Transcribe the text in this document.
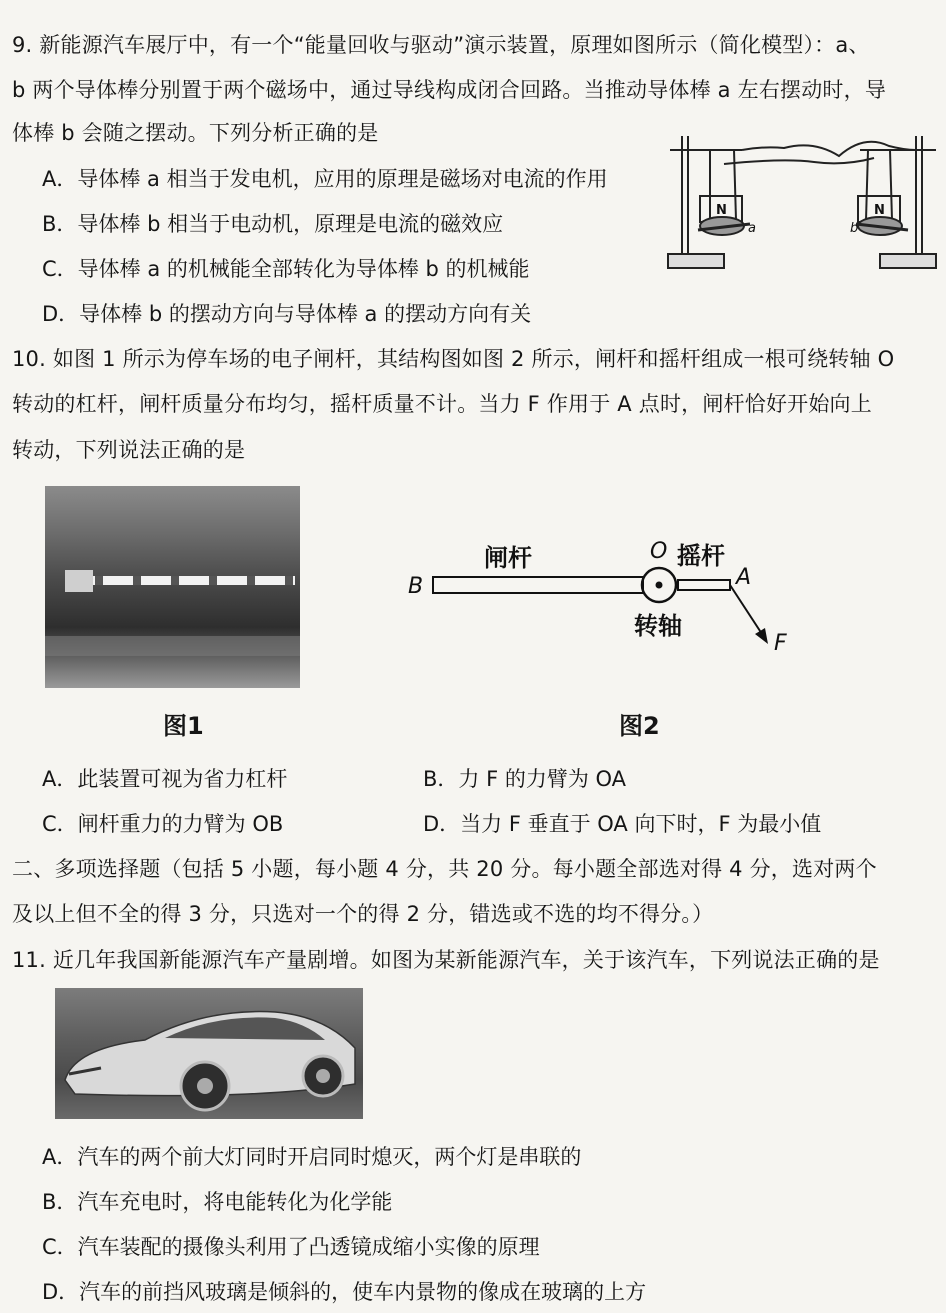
9. 新能源汽车展厅中，有一个“能量回收与驱动”演示装置，原理如图所示（简化模型）：a、
b 两个导体棒分别置于两个磁场中，通过导线构成闭合回路。当推动导体棒 a 左右摆动时，导
体棒 b 会随之摆动。下列分析正确的是
A．导体棒 a 相当于发电机，应用的原理是磁场对电流的作用
B．导体棒 b 相当于电动机，原理是电流的磁效应
C．导体棒 a 的机械能全部转化为导体棒 b 的机械能
D．导体棒 b 的摆动方向与导体棒 a 的摆动方向有关
N	N
a	b
10. 如图 1 所示为停车场的电子闸杆，其结构图如图 2 所示，闸杆和摇杆组成一根可绕转轴 O
转动的杠杆，闸杆质量分布均匀，摇杆质量不计。当力 F 作用于 A 点时，闸杆恰好开始向上
转动，下列说法正确的是
图1
B
闸杆	O 摇杆
A
转轴
F
图2
A．此装置可视为省力杠杆	B．力 F 的力臂为 OA
C．闸杆重力的力臂为 OB	D．当力 F 垂直于 OA 向下时，F 为最小值
二、多项选择题（包括 5 小题，每小题 4 分，共 20 分。每小题全部选对得 4 分，选对两个
及以上但不全的得 3 分，只选对一个的得 2 分，错选或不选的均不得分。）
11. 近几年我国新能源汽车产量剧增。如图为某新能源汽车，关于该汽车，下列说法正确的是
A．汽车的两个前大灯同时开启同时熄灭，两个灯是串联的
B．汽车充电时，将电能转化为化学能
C．汽车装配的摄像头利用了凸透镜成缩小实像的原理
D．汽车的前挡风玻璃是倾斜的，使车内景物的像成在玻璃的上方
